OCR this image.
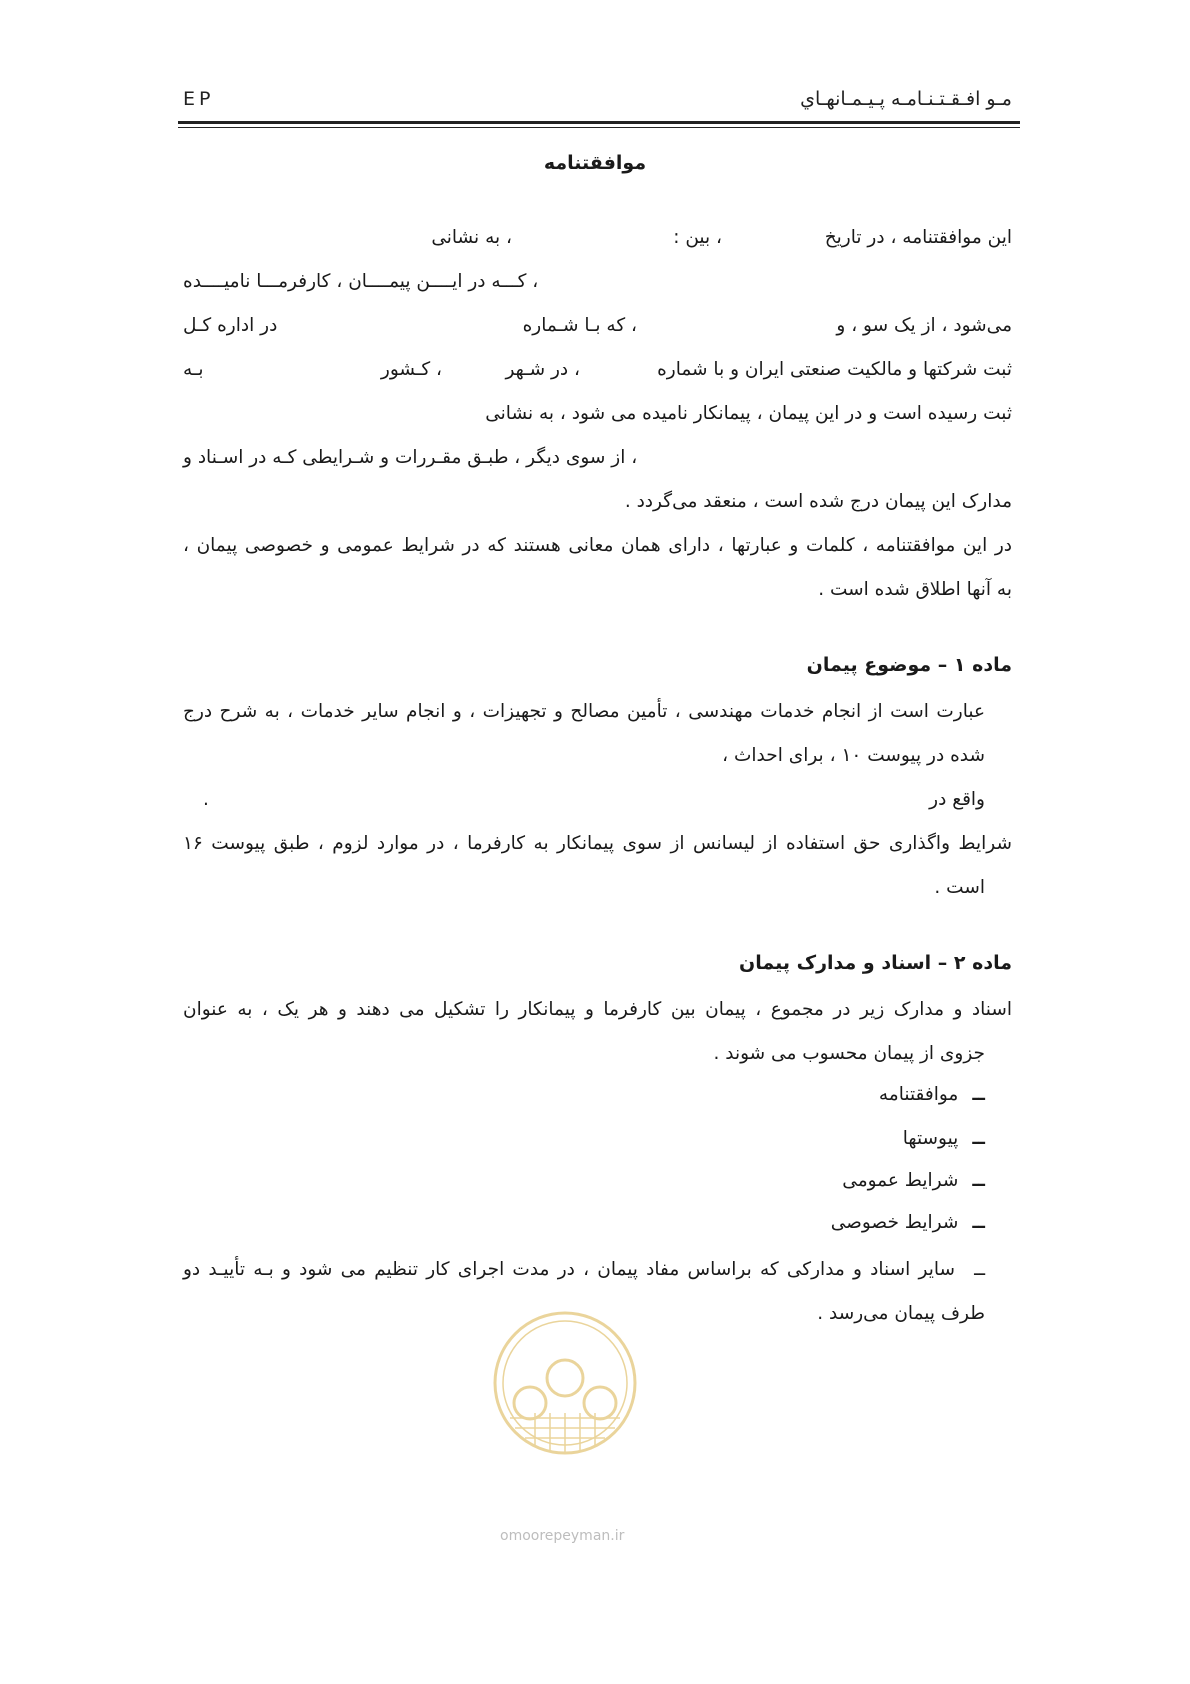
EP	مـو افـقـتـنـامـه پـیـمـانهـاي
موافقتنامه
این موافقتنامه ، در تاریخ
، بین :
، به نشانی
، کـــه در ایــــن پیمــــان ، کارفرمـــا نامیــــده
می‌شود ، از یک سو ، و
، که بـا شـماره
در اداره کـل
ثبت شرکتها و مالکیت صنعتی ایران و با شماره
، در شـهر
، کـشور
بـه
ثبت رسیده است و در این پیمان ، پیمانکار نامیده می شود ، به نشانی
، از سوی دیگر ، طبـق مقـررات و شـرایطی کـه در اسـناد و
مدارک این پیمان درج شده است ، منعقد می‌گردد .
در این موافقتنامه ، کلمات و عبارتها ، دارای همان معانی هستند که در شرایط عمومی و خصوصی پیمان ،
به آنها اطلاق شده است .
ماده ۱ – موضوع پیمان
عبارت است از انجام خدمات مهندسی ، تأمین مصالح و تجهیزات ، و انجام سایر خدمات ، به شرح درج
شده در پیوست ۱۰ ، برای احداث ،
واقع در
.
شرایط واگذاری حق استفاده از لیسانس از سوی پیمانکار به کارفرما ، در موارد لزوم ، طبق پیوست ۱۶
است .
ماده ۲ – اسناد و مدارک پیمان
اسناد و مدارک زیر در مجموع ، پیمان بین کارفرما و پیمانکار را تشکیل می دهند و هر یک ، به عنوان
جزوی از پیمان محسوب می شوند .
ــموافقتنامه
ــپیوستها
ــشرایط عمومی
ــشرایط خصوصی
ــ
سایر اسناد و مدارکی که براساس مفاد پیمان ، در مدت اجرای کار تنظیم می شود و بـه تأییـد دو
طرف پیمان می‌رسد .
omoorepeyman.ir
